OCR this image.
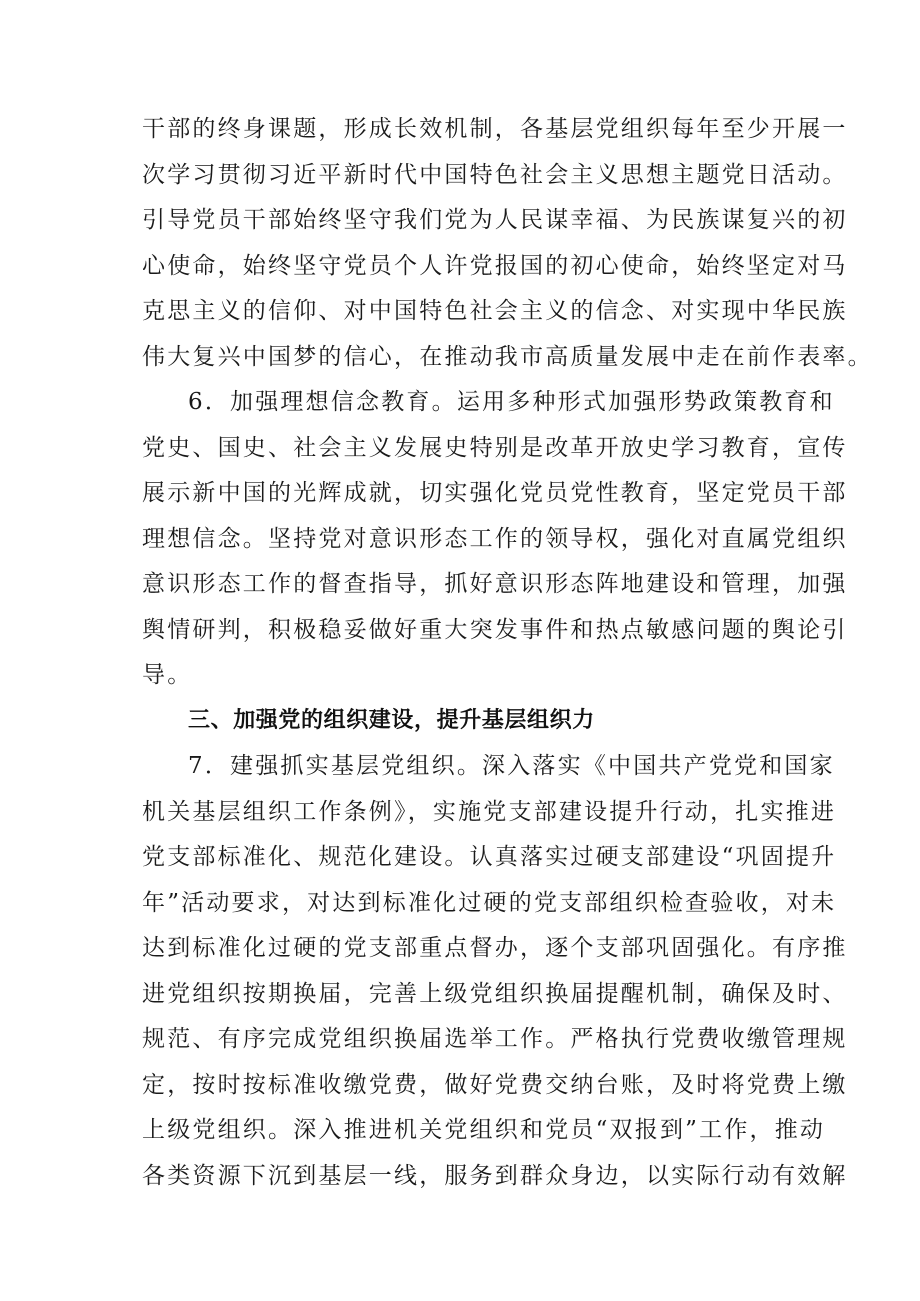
干部的终身课题，形成长效机制，各基层党组织每年至少开展一
次学习贯彻习近平新时代中国特色社会主义思想主题党日活动。
引导党员干部始终坚守我们党为人民谋幸福、为民族谋复兴的初
心使命，始终坚守党员个人许党报国的初心使命，始终坚定对马
克思主义的信仰、对中国特色社会主义的信念、对实现中华民族
伟大复兴中国梦的信心，在推动我市高质量发展中走在前作表率。
6．加强理想信念教育。运用多种形式加强形势政策教育和
党史、国史、社会主义发展史特别是改革开放史学习教育，宣传
展示新中国的光辉成就，切实强化党员党性教育，坚定党员干部
理想信念。坚持党对意识形态工作的领导权，强化对直属党组织
意识形态工作的督查指导，抓好意识形态阵地建设和管理，加强
舆情研判，积极稳妥做好重大突发事件和热点敏感问题的舆论引
导。
三、加强党的组织建设，提升基层组织力
7．建强抓实基层党组织。深入落实《中国共产党党和国家
机关基层组织工作条例》，实施党支部建设提升行动，扎实推进
党支部标准化、规范化建设。认真落实过硬支部建设“巩固提升
年”活动要求，对达到标准化过硬的党支部组织检查验收，对未
达到标准化过硬的党支部重点督办，逐个支部巩固强化。有序推
进党组织按期换届，完善上级党组织换届提醒机制，确保及时、
规范、有序完成党组织换届选举工作。严格执行党费收缴管理规
定，按时按标准收缴党费，做好党费交纳台账，及时将党费上缴
上级党组织。深入推进机关党组织和党员“双报到”工作，推动
各类资源下沉到基层一线，服务到群众身边，以实际行动有效解
